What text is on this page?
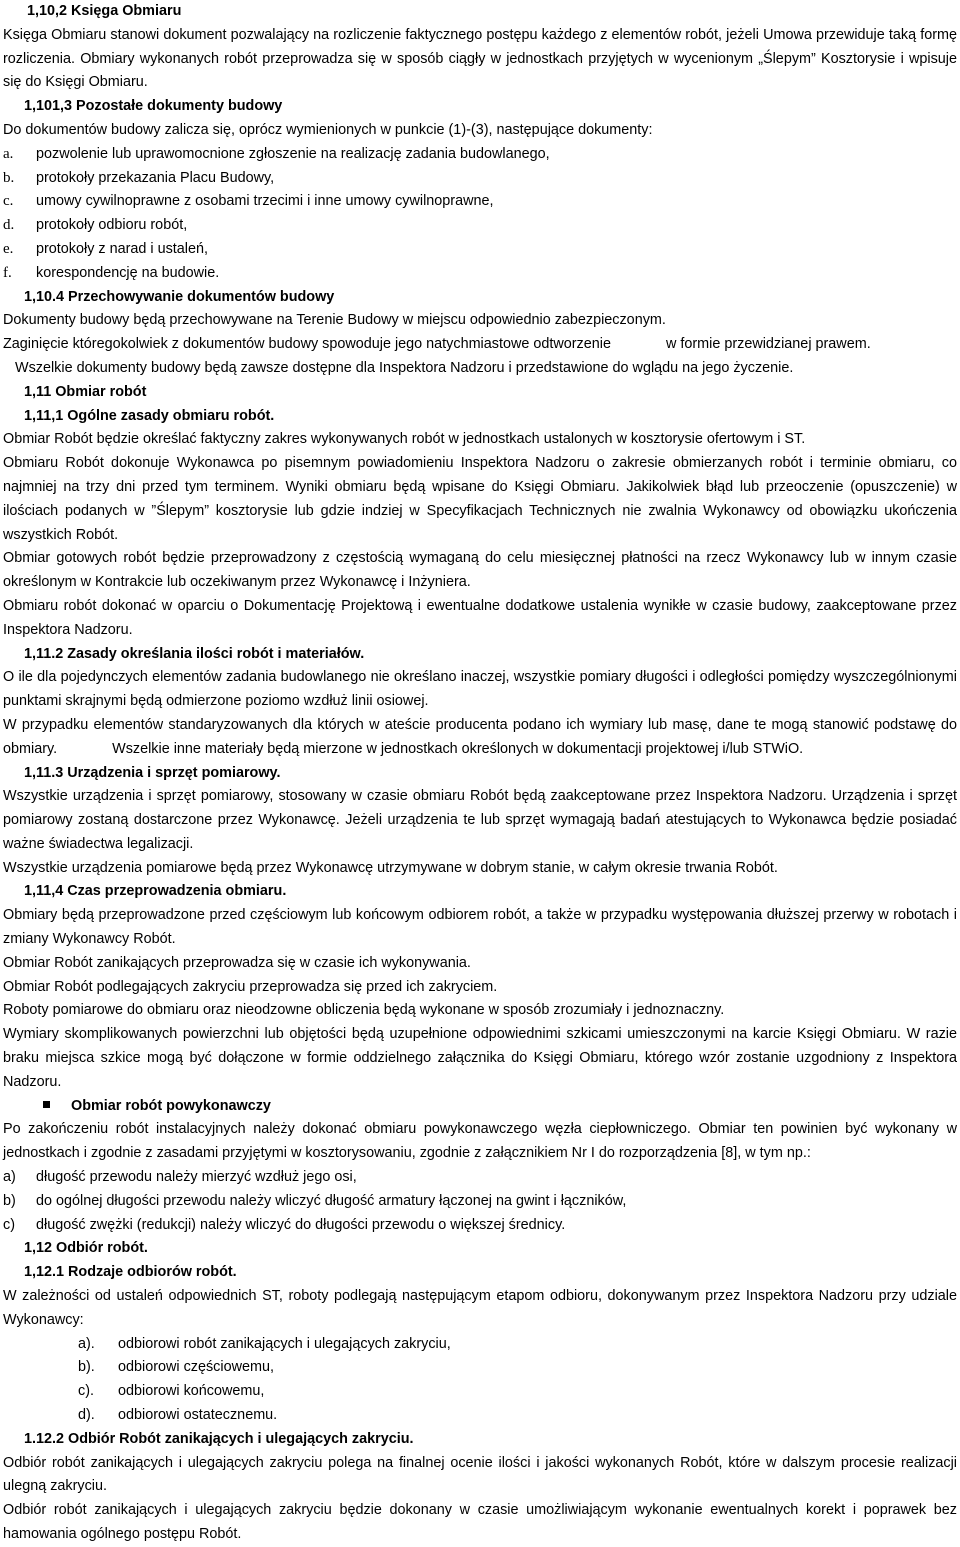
1,10,2 Księga Obmiaru

Księga Obmiaru stanowi dokument pozwalający na rozliczenie faktycznego postępu każdego z elementów robót, jeżeli Umowa przewiduje taką formę rozliczenia. Obmiary wykonanych robót przeprowadza się w sposób ciągły w jednostkach przyjętych w wycenionym „Ślepym” Kosztorysie i wpisuje się do Księgi Obmiaru.

1,101,3 Pozostałe dokumenty budowy

Do dokumentów budowy zalicza się, oprócz wymienionych w punkcie (1)-(3), następujące dokumenty:

a. pozwolenie lub uprawomocnione zgłoszenie na realizację zadania budowlanego,

b. protokoły przekazania Placu Budowy,

c. umowy cywilnoprawne z osobami trzecimi i inne umowy cywilnoprawne,

d. protokoły odbioru robót,

e. protokoły z narad i ustaleń,

f. korespondencję na budowie.

1,10.4 Przechowywanie dokumentów budowy

Dokumenty budowy będą przechowywane na Terenie Budowy w miejscu odpowiednio zabezpieczonym.

Zaginięcie któregokolwiek z dokumentów budowy spowoduje jego natychmiastowe odtworzenie	w formie przewidzianej prawem.

Wszelkie dokumenty budowy będą zawsze dostępne dla Inspektora Nadzoru i przedstawione do wglądu na jego życzenie.

1,11 Obmiar robót

1,11,1 Ogólne zasady obmiaru robót.

Obmiar Robót będzie określać faktyczny zakres wykonywanych robót w jednostkach ustalonych w kosztorysie ofertowym i ST.

Obmiaru Robót dokonuje Wykonawca po pisemnym powiadomieniu Inspektora Nadzoru o zakresie obmierzanych robót i terminie obmiaru, co najmniej na trzy dni przed tym terminem. Wyniki obmiaru będą wpisane do Księgi Obmiaru. Jakikolwiek błąd lub przeoczenie (opuszczenie) w ilościach podanych w ”Ślepym” kosztorysie lub gdzie indziej w Specyfikacjach Technicznych nie zwalnia Wykonawcy od obowiązku ukończenia wszystkich Robót.

Obmiar gotowych robót będzie przeprowadzony z częstością wymaganą do celu miesięcznej płatności na rzecz Wykonawcy lub w innym czasie określonym w Kontrakcie lub oczekiwanym przez Wykonawcę i Inżyniera.

Obmiaru robót dokonać w oparciu o Dokumentację Projektową i ewentualne dodatkowe ustalenia wynikłe w czasie budowy, zaakceptowane przez Inspektora Nadzoru.

1,11.2 Zasady określania ilości robót i materiałów.

O ile dla pojedynczych elementów zadania budowlanego nie określano inaczej, wszystkie pomiary długości i odległości pomiędzy wyszczególnionymi punktami skrajnymi będą odmierzone poziomo wzdłuż linii osiowej.

W przypadku elementów standaryzowanych dla których w ateście producenta podano ich wymiary lub masę, dane te mogą stanowić podstawę do obmiary.	Wszelkie inne materiały będą mierzone w jednostkach określonych w dokumentacji projektowej i/lub STWiO.

1,11.3 Urządzenia i sprzęt pomiarowy.

Wszystkie urządzenia i sprzęt pomiarowy, stosowany w czasie obmiaru Robót będą zaakceptowane przez Inspektora Nadzoru. Urządzenia i sprzęt pomiarowy zostaną dostarczone przez Wykonawcę. Jeżeli urządzenia te lub sprzęt wymagają badań atestujących to Wykonawca będzie posiadać ważne świadectwa legalizacji.

Wszystkie urządzenia pomiarowe będą przez Wykonawcę utrzymywane w dobrym stanie, w całym okresie trwania Robót.

1,11,4 Czas przeprowadzenia obmiaru.

Obmiary będą przeprowadzone przed częściowym lub końcowym odbiorem robót, a także w przypadku występowania dłuższej przerwy w robotach i zmiany Wykonawcy Robót.

Obmiar Robót zanikających przeprowadza się w czasie ich wykonywania.

Obmiar Robót podlegających zakryciu przeprowadza się przed ich zakryciem.

Roboty pomiarowe do obmiaru oraz nieodzowne obliczenia będą wykonane w sposób zrozumiały i jednoznaczny.

Wymiary skomplikowanych powierzchni lub objętości będą uzupełnione odpowiednimi szkicami umieszczonymi na karcie Księgi Obmiaru. W razie braku miejsca szkice mogą być dołączone w formie oddzielnego załącznika do Księgi Obmiaru, którego wzór zostanie uzgodniony z Inspektora Nadzoru.

Obmiar robót powykonawczy

Po zakończeniu robót instalacyjnych należy dokonać obmiaru powykonawczego węzła ciepłowniczego. Obmiar ten powinien być wykonany w jednostkach i zgodnie z zasadami przyjętymi w kosztorysowaniu, zgodnie z załącznikiem Nr I do rozporządzenia [8], w tym np.:

a) długość przewodu należy mierzyć wzdłuż jego osi,

b) do ogólnej długości przewodu należy wliczyć długość armatury łączonej na gwint i łączników,

c) długość zwężki (redukcji) należy wliczyć do długości przewodu o większej średnicy.

1,12 Odbiór robót.

1,12.1 Rodzaje odbiorów robót.

W zależności od ustaleń odpowiednich ST, roboty podlegają następującym etapom odbioru, dokonywanym przez Inspektora Nadzoru przy udziale Wykonawcy:

a). odbiorowi robót zanikających i ulegających zakryciu,

b). odbiorowi częściowemu,

c). odbiorowi końcowemu,

d). odbiorowi ostatecznemu.

1.12.2 Odbiór Robót zanikających i ulegających zakryciu.

Odbiór robót zanikających i ulegających zakryciu polega na finalnej ocenie ilości i jakości wykonanych Robót, które w dalszym procesie realizacji ulegną zakryciu.

Odbiór robót zanikających i ulegających zakryciu będzie dokonany w czasie umożliwiającym wykonanie ewentualnych korekt i poprawek bez hamowania ogólnego postępu Robót.
